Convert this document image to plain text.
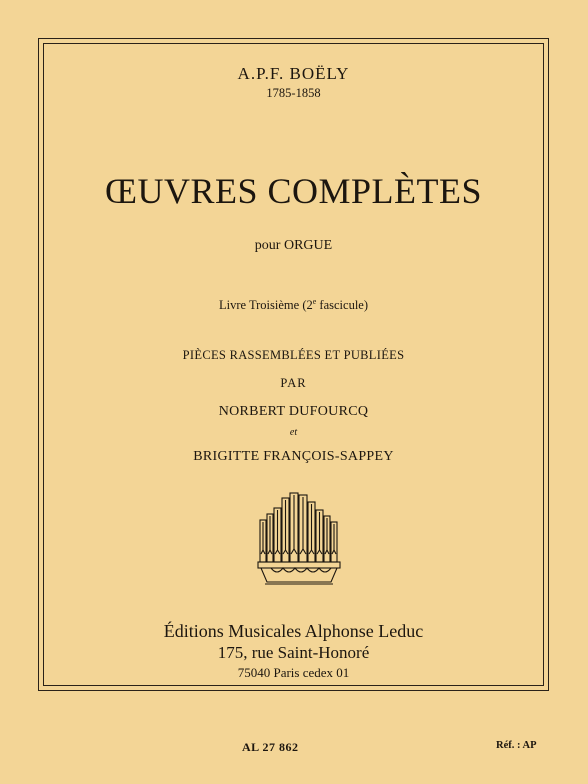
A.P.F. BOËLY
1785-1858
ŒUVRES COMPLÈTES
pour ORGUE
Livre Troisième (2e fascicule)
PIÈCES RASSEMBLÉES ET PUBLIÉES
PAR
NORBERT DUFOURCQ
et
BRIGITTE FRANÇOIS-SAPPEY
Éditions Musicales Alphonse Leduc
175, rue Saint-Honoré
75040 Paris cedex 01
AL 27 862	Réf. : AP
